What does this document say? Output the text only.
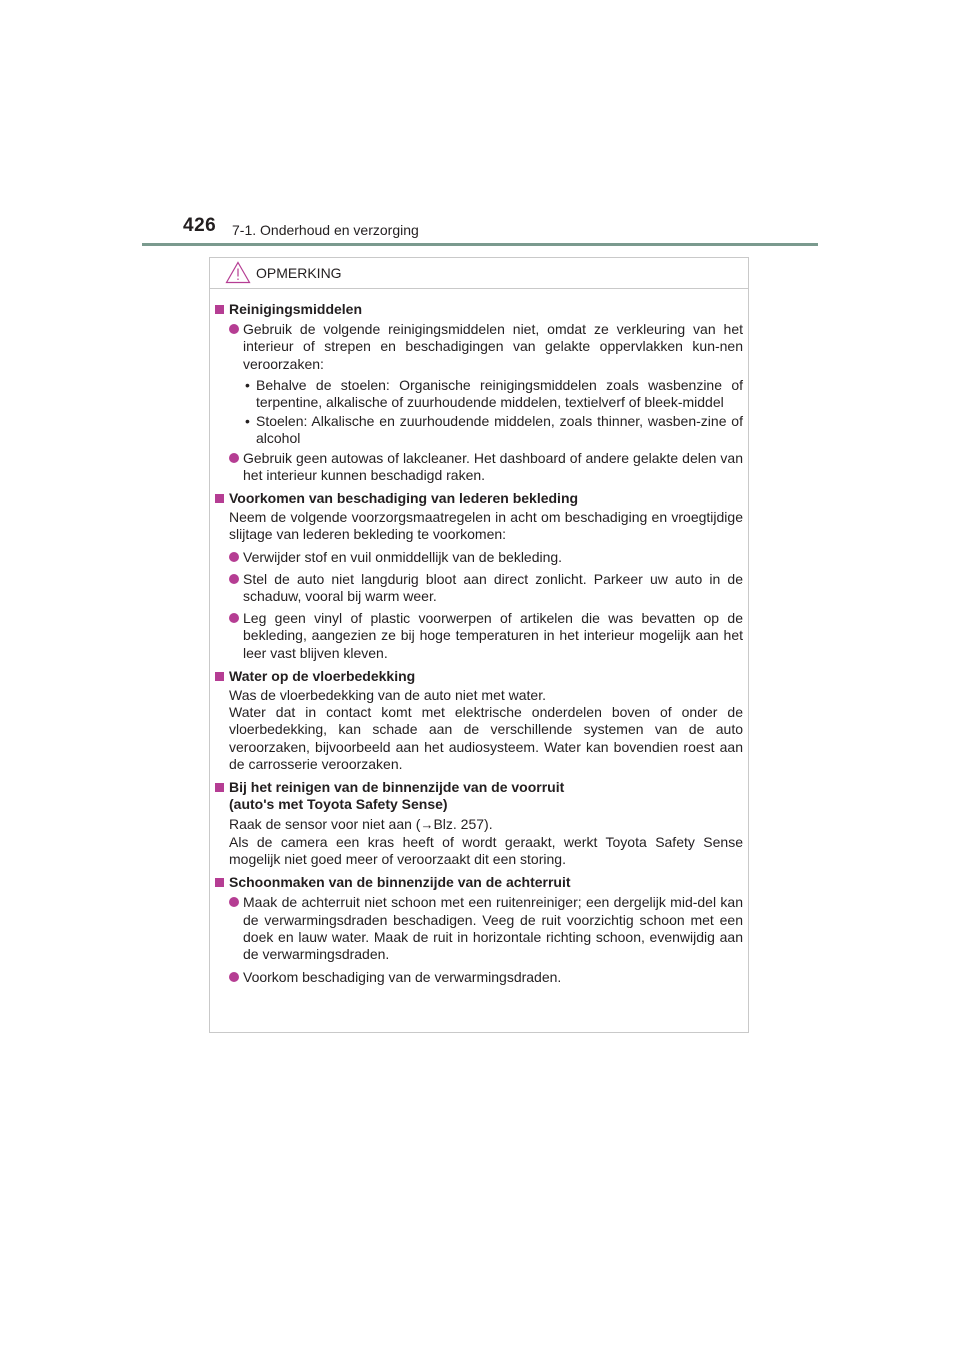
426 7-1. Onderhoud en verzorging
OPMERKING
Reinigingsmiddelen
Gebruik de volgende reinigingsmiddelen niet, omdat ze verkleuring van het interieur of strepen en beschadigingen van gelakte oppervlakken kun-nen veroorzaken:
• Behalve de stoelen: Organische reinigingsmiddelen zoals wasbenzine of terpentine, alkalische of zuurhoudende middelen, textielverf of bleek-middel
• Stoelen: Alkalische en zuurhoudende middelen, zoals thinner, wasben-zine of alcohol
Gebruik geen autowas of lakcleaner. Het dashboard of andere gelakte delen van het interieur kunnen beschadigd raken.
Voorkomen van beschadiging van lederen bekleding
Neem de volgende voorzorgsmaatregelen in acht om beschadiging en vroegtijdige slijtage van lederen bekleding te voorkomen:
Verwijder stof en vuil onmiddellijk van de bekleding.
Stel de auto niet langdurig bloot aan direct zonlicht. Parkeer uw auto in de schaduw, vooral bij warm weer.
Leg geen vinyl of plastic voorwerpen of artikelen die was bevatten op de bekleding, aangezien ze bij hoge temperaturen in het interieur mogelijk aan het leer vast blijven kleven.
Water op de vloerbedekking
Was de vloerbedekking van de auto niet met water.
Water dat in contact komt met elektrische onderdelen boven of onder de vloerbedekking, kan schade aan de verschillende systemen van de auto veroorzaken, bijvoorbeeld aan het audiosysteem. Water kan bovendien roest aan de carrosserie veroorzaken.
Bij het reinigen van de binnenzijde van de voorruit
(auto's met Toyota Safety Sense)
Raak de sensor voor niet aan (→Blz. 257).
Als de camera een kras heeft of wordt geraakt, werkt Toyota Safety Sense mogelijk niet goed meer of veroorzaakt dit een storing.
Schoonmaken van de binnenzijde van de achterruit
Maak de achterruit niet schoon met een ruitenreiniger; een dergelijk mid-del kan de verwarmingsdraden beschadigen. Veeg de ruit voorzichtig schoon met een doek en lauw water. Maak de ruit in horizontale richting schoon, evenwijdig aan de verwarmingsdraden.
Voorkom beschadiging van de verwarmingsdraden.
